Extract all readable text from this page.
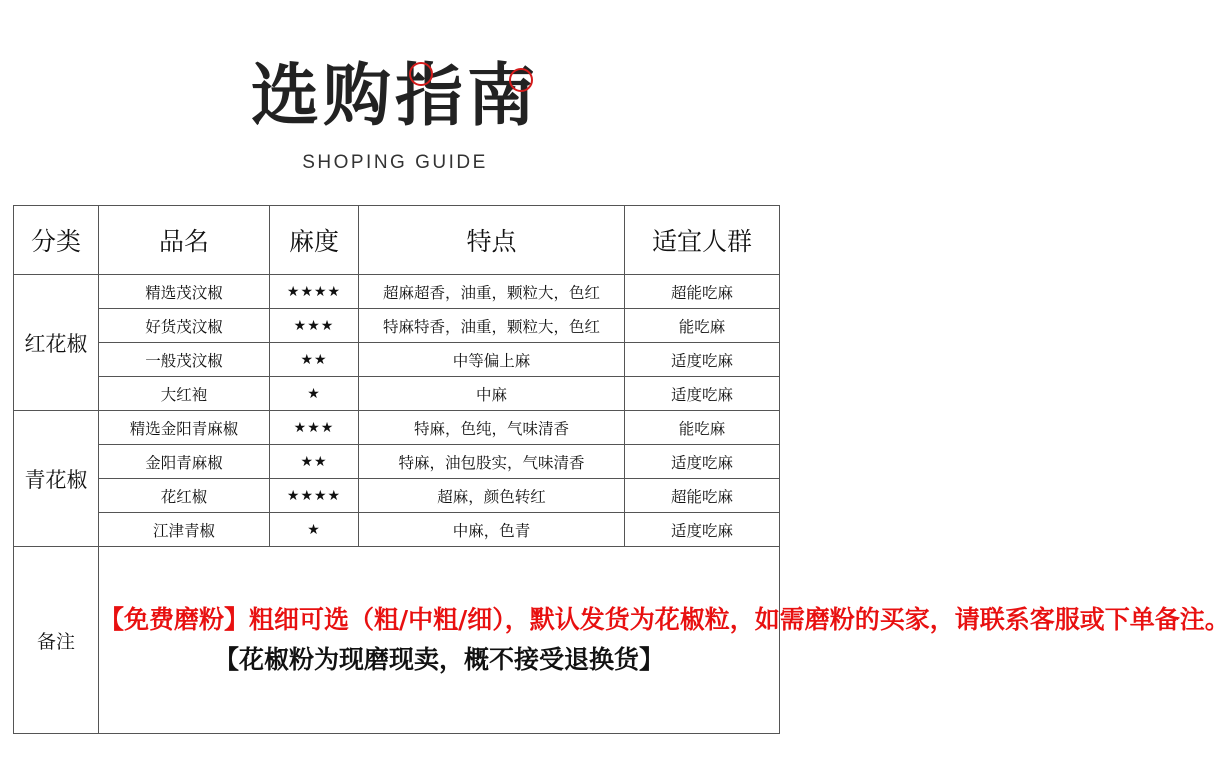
选购指南
SHOPING GUIDE
分类	品名	麻度	特点	适宜人群
红花椒	精选茂汶椒	★★★★	超麻超香，油重，颗粒大，色红	超能吃麻
	好货茂汶椒	★★★	特麻特香，油重，颗粒大，色红	能吃麻
	一般茂汶椒	★★	中等偏上麻	适度吃麻
	大红袍	★	中麻	适度吃麻
青花椒	精选金阳青麻椒	★★★	特麻，色纯，气味清香	能吃麻
	金阳青麻椒	★★	特麻，油包股实，气味清香	适度吃麻
	花红椒	★★★★	超麻，颜色转红	超能吃麻
	江津青椒	★	中麻，色青	适度吃麻
备注	【免费磨粉】粗细可选（粗/中粗/细），默认发货为花椒粒，如需磨粉的买家，请联系客服或下单备注。
【花椒粉为现磨现卖，概不接受退换货】			
